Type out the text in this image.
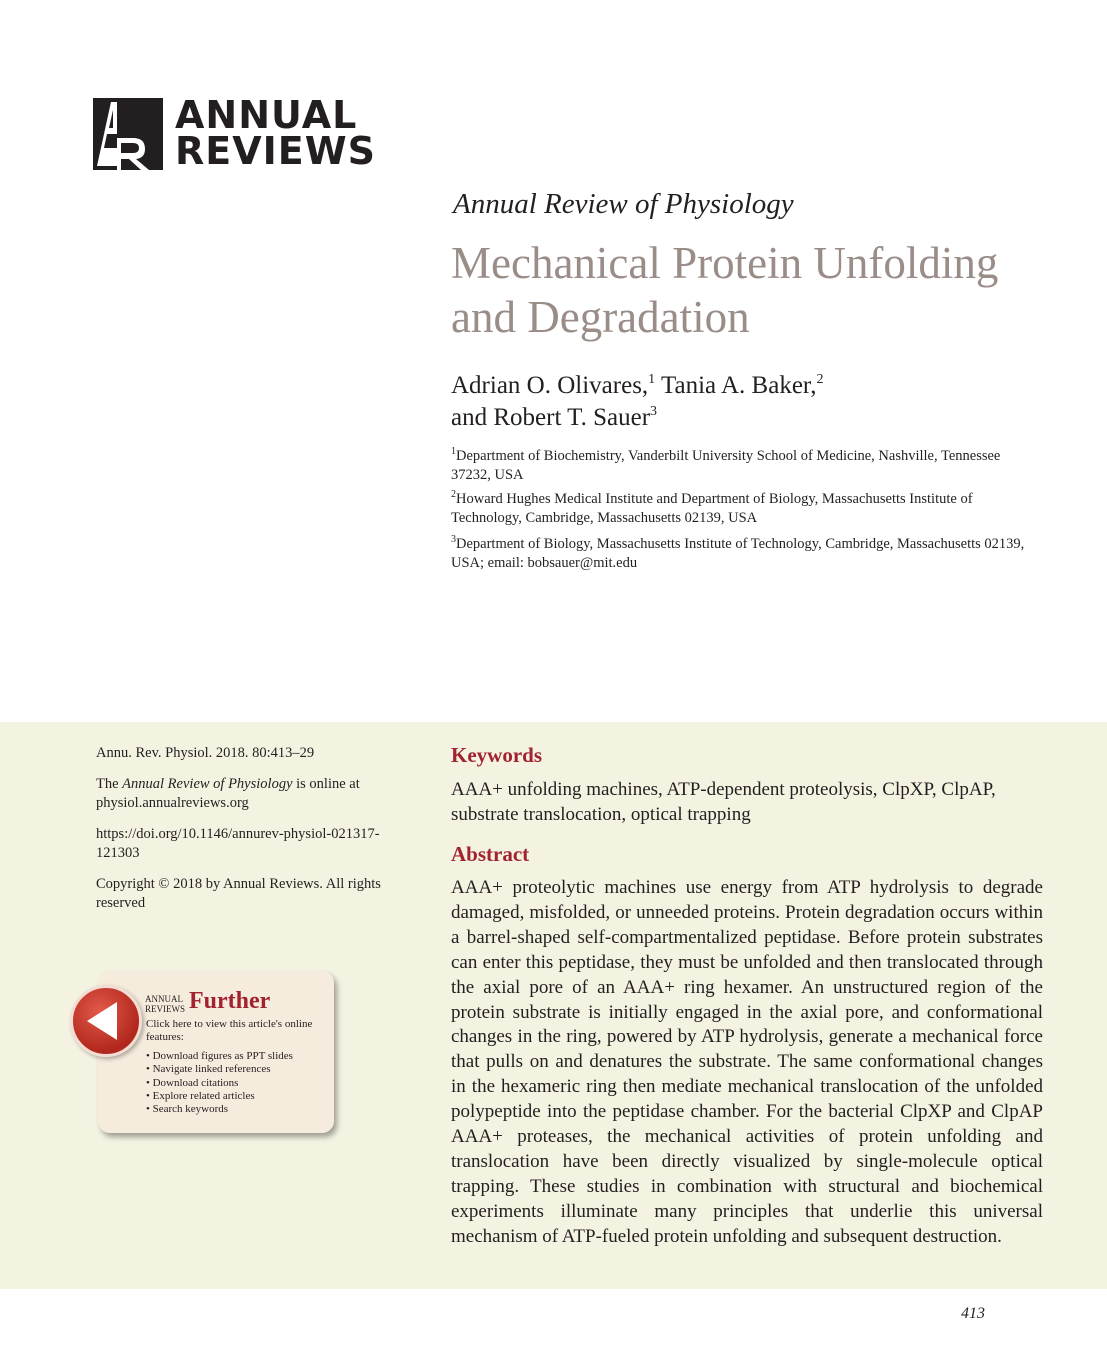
ANNUAL
REVIEWS
Annual Review of Physiology
Mechanical Protein Unfolding and Degradation
Adrian O. Olivares,$^1$ Tania A. Baker,$^2$
and Robert T. Sauer$^3$
$^1$Department of Biochemistry, Vanderbilt University School of Medicine, Nashville, Tennessee 37232, USA
$^2$Howard Hughes Medical Institute and Department of Biology, Massachusetts Institute of Technology, Cambridge, Massachusetts 02139, USA
$^3$Department of Biology, Massachusetts Institute of Technology, Cambridge, Massachusetts 02139, USA; email: bobsauer@mit.edu
Annu. Rev. Physiol. 2018. 80:413–29
The Annual Review of Physiology is online at physiol.annualreviews.org
https://doi.org/10.1146/annurev-physiol-021317-121303
Copyright © 2018 by Annual Reviews. All rights reserved
ANNUAL
REVIEWS Further
Click here to view this article's online features:
• Download figures as PPT slides
• Navigate linked references
• Download citations
• Explore related articles
• Search keywords
Keywords
AAA+ unfolding machines, ATP-dependent proteolysis, ClpXP, ClpAP, substrate translocation, optical trapping
Abstract
AAA+ proteolytic machines use energy from ATP hydrolysis to degrade damaged, misfolded, or unneeded proteins. Protein degradation occurs within a barrel-shaped self-compartmentalized peptidase. Before protein substrates can enter this peptidase, they must be unfolded and then translocated through the axial pore of an AAA+ ring hexamer. An unstructured region of the protein substrate is initially engaged in the axial pore, and conformational changes in the ring, powered by ATP hydrolysis, generate a mechanical force that pulls on and denatures the substrate. The same conformational changes in the hexameric ring then mediate mechanical translocation of the unfolded polypeptide into the peptidase chamber. For the bacterial ClpXP and ClpAP AAA+ proteases, the mechanical activities of protein unfolding and translocation have been directly visualized by single-molecule optical trapping. These studies in combination with structural and biochemical experiments illuminate many principles that underlie this universal mechanism of ATP-fueled protein unfolding and subsequent destruction.
413
